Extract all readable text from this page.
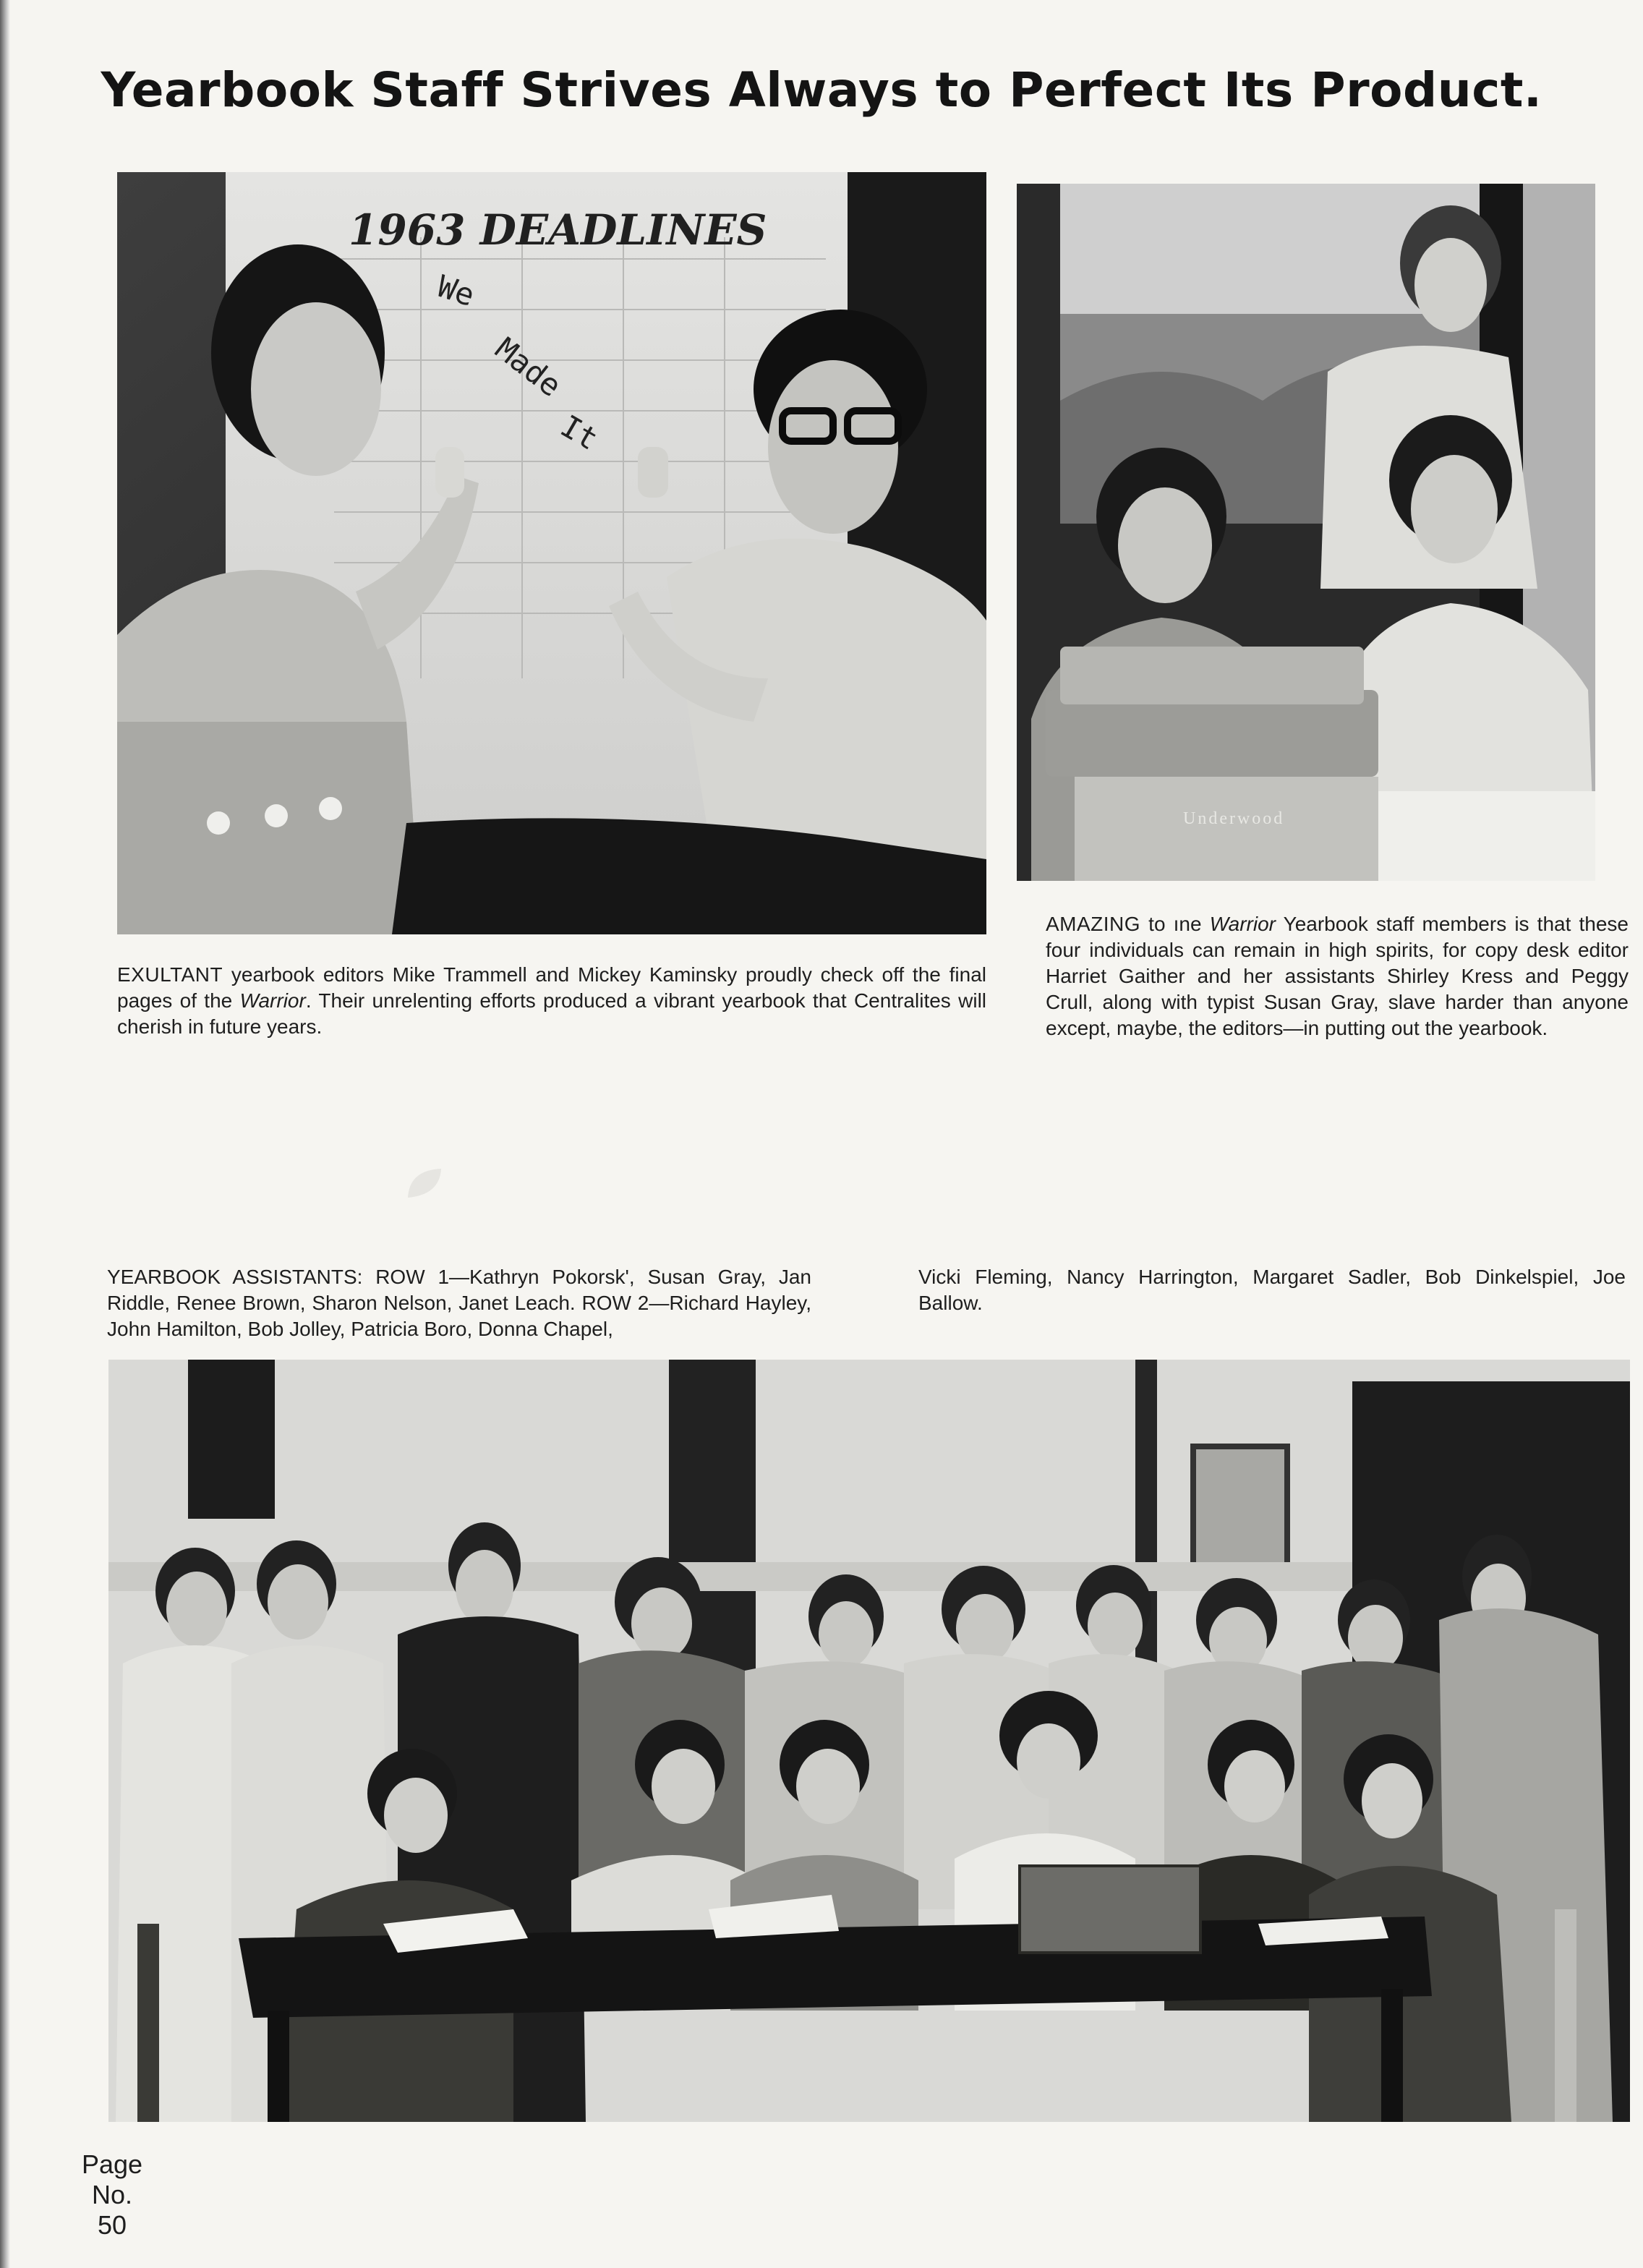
Yearbook Staff Strives Always to Perfect Its Product.
1963 DEADLINES
We
Made
It
Underwood
EXULTANT yearbook editors Mike Trammell and Mickey Kaminsky proudly check off the final pages of the Warrior. Their unrelenting efforts produced a vibrant yearbook that Centralites will cherish in future years.
AMAZING to ıne Warrior Yearbook staff members is that these four individuals can remain in high spirits, for copy desk editor Harriet Gaither and her assistants Shirley Kress and Peggy Crull, along with typist Susan Gray, slave harder than anyone except, maybe, the editors—in putting out the yearbook.
YEARBOOK ASSISTANTS: ROW 1—Kathryn Pokorsk', Susan Gray, Jan Riddle, Renee Brown, Sharon Nelson, Janet Leach. ROW 2—Richard Hayley, John Hamilton, Bob Jolley, Patricia Boro, Donna Chapel,
Vicki Fleming, Nancy Harrington, Margaret Sadler, Bob Dinkelspiel, Joe Ballow.
Page
No.
50
